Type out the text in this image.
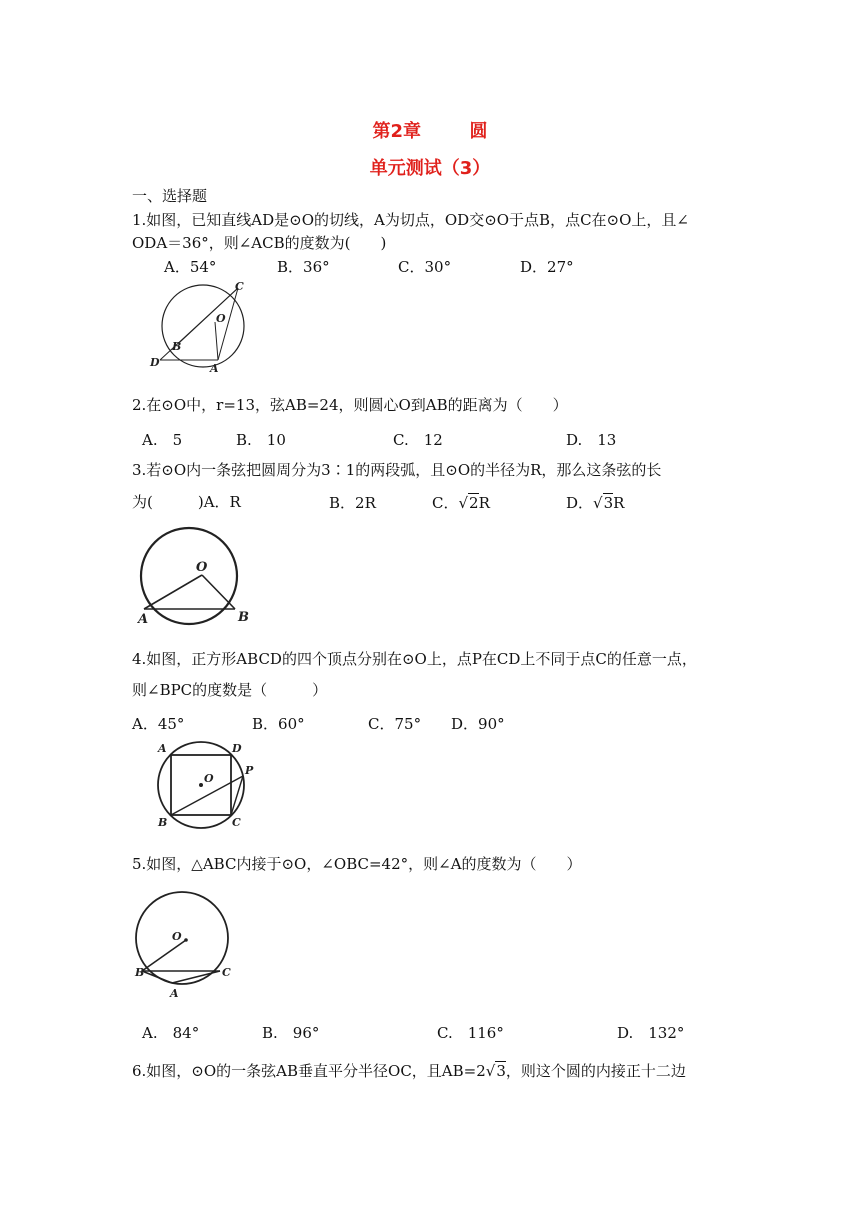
第2章	圆
单元测试（3）
一、选择题
1.如图，已知直线AD是⊙O的切线，A为切点，OD交⊙O于点B，点C在⊙O上，且∠
ODA＝36°，则∠ACB的度数为(　　)
A．54°	B．36°	C．30°	D．27°
C
O
B
D	A
2.在⊙O中，r=13，弦AB=24，则圆心O到AB的距离为（　　）
A.　5	B.　10	C.　12	D.　13
3.若⊙O内一条弦把圆周分为3∶1的两段弧，且⊙O的半径为R，那么这条弦的长
为(　　　)A．R	B．2R	C．√2R	D．√3R
O
A	B
4.如图，正方形ABCD的四个顶点分别在⊙O上，点P在CD上不同于点C的任意一点，
则∠BPC的度数是（　　　）
A．45°	B．60°	C．75° D．90°
A	D
O
P
B	C
5.如图，△ABC内接于⊙O，∠OBC=42°，则∠A的度数为（　　）
O
B	C
A
A.　84°	B.　96°	C.　116°	D.　132°
6.如图，⊙O的一条弦AB垂直平分半径OC，且AB=2√3，则这个圆的内接正十二边
